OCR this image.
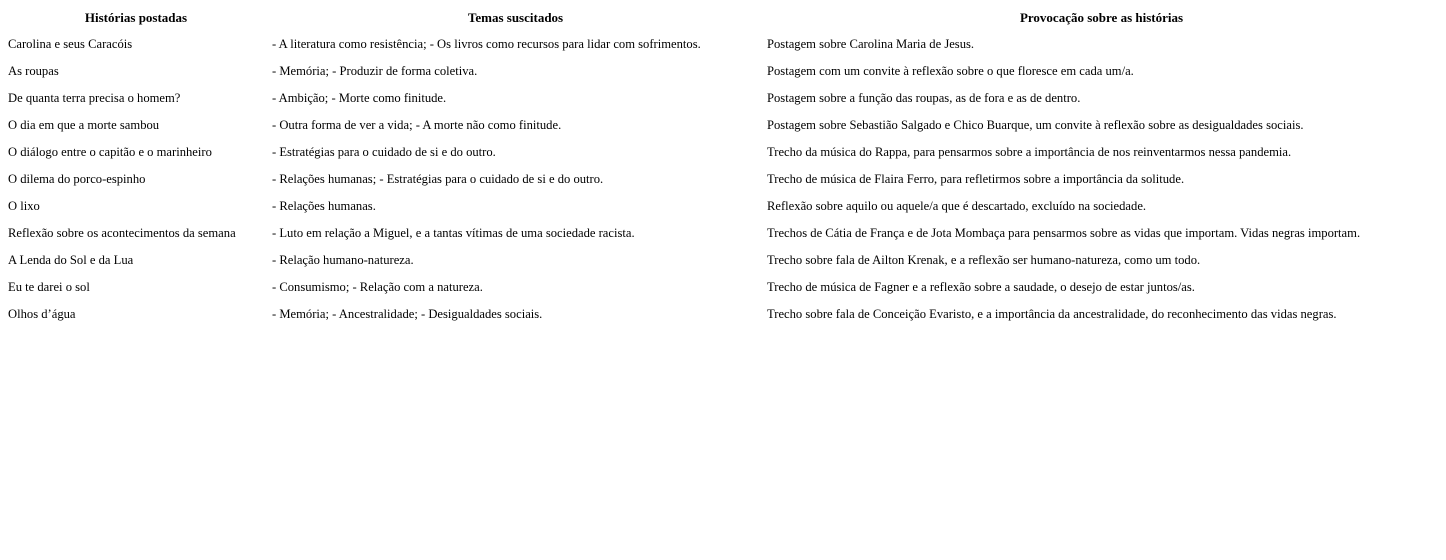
Histórias postadas	Temas suscitados	Provocação sobre as histórias
Carolina e seus Caracóis	- A literatura como resistência; - Os livros como recursos para lidar com sofrimentos.	Postagem sobre Carolina Maria de Jesus.
As roupas	- Memória; - Produzir de forma coletiva.	Postagem com um convite à reflexão sobre o que floresce em cada um/a.
De quanta terra precisa o homem?	- Ambição; - Morte como finitude.	Postagem sobre a função das roupas, as de fora e as de dentro.
O dia em que a morte sambou	- Outra forma de ver a vida; - A morte não como finitude.	Postagem sobre Sebastião Salgado e Chico Buarque, um convite à reflexão sobre as desigualdades sociais.
O diálogo entre o capitão e o marinheiro	- Estratégias para o cuidado de si e do outro.	Trecho da música do Rappa, para pensarmos sobre a importância de nos reinventarmos nessa pandemia.
O dilema do porco-espinho	- Relações humanas; - Estratégias para o cuidado de si e do outro.	Trecho de música de Flaira Ferro, para refletirmos sobre a importância da solitude.
O lixo	- Relações humanas.	Reflexão sobre aquilo ou aquele/a que é descartado, excluído na sociedade.
Reflexão sobre os acontecimentos da semana	- Luto em relação a Miguel, e a tantas vítimas de uma sociedade racista.	Trechos de Cátia de França e de Jota Mombaça para pensarmos sobre as vidas que importam. Vidas negras importam.
A Lenda do Sol e da Lua	- Relação humano-natureza.	Trecho sobre fala de Ailton Krenak, e a reflexão ser humano-natureza, como um todo.
Eu te darei o sol	- Consumismo; - Relação com a natureza.	Trecho de música de Fagner e a reflexão sobre a saudade, o desejo de estar juntos/as.
Olhos d’água	- Memória; - Ancestralidade; - Desigualdades sociais.	Trecho sobre fala de Conceição Evaristo, e a importância da ancestralidade, do reconhecimento das vidas negras.
